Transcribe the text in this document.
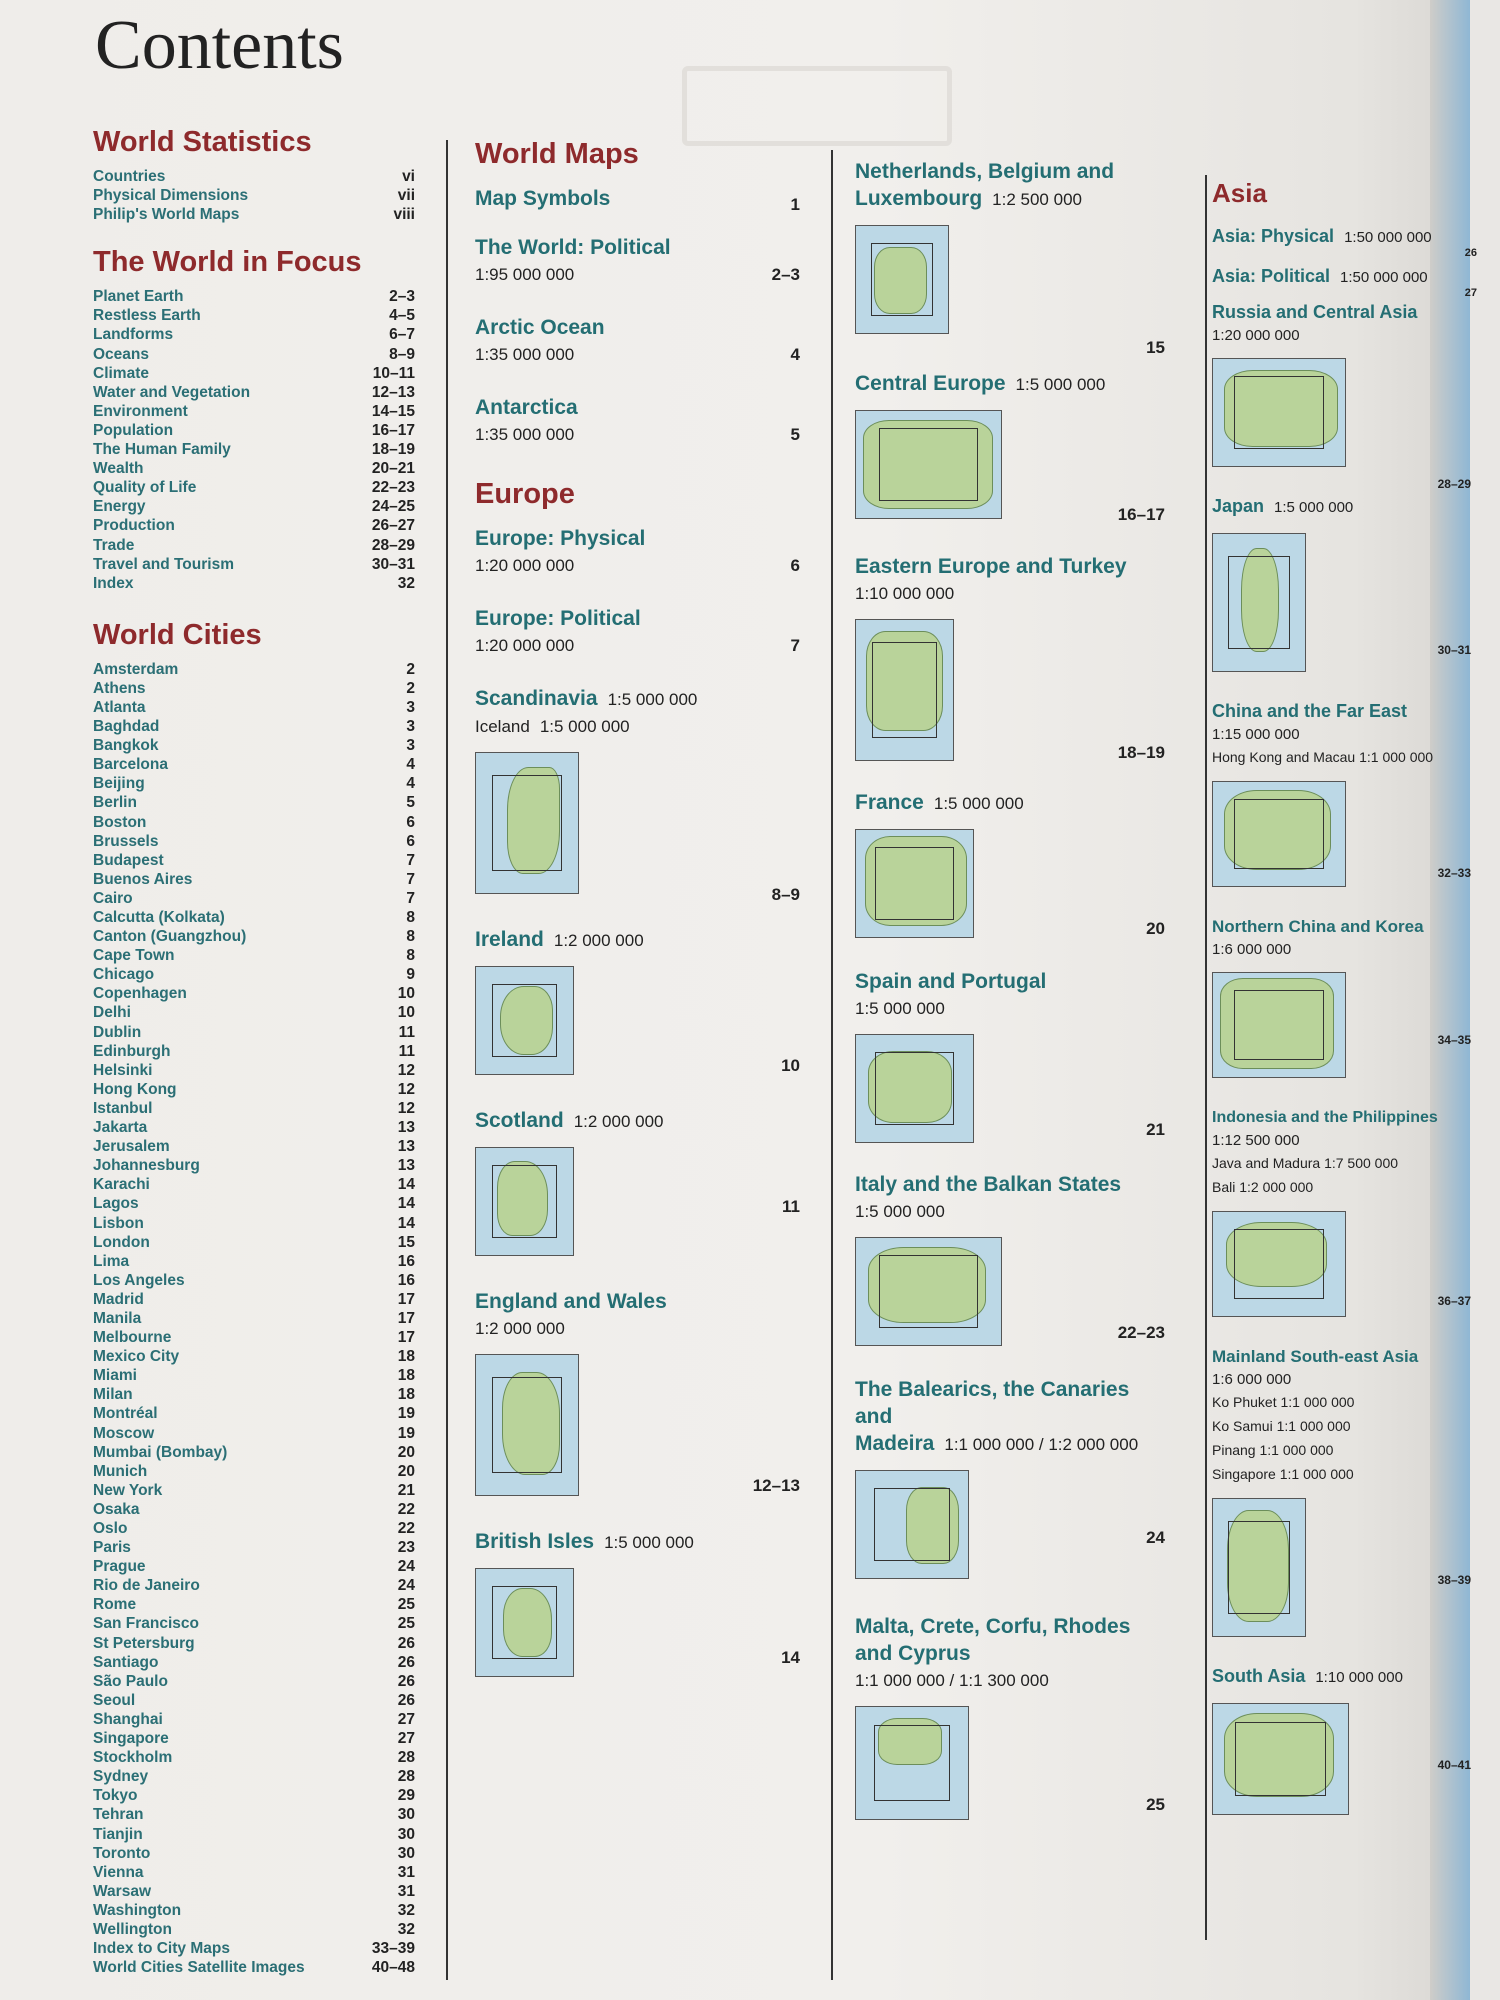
Contents
World Statistics
Countries	vi
Physical Dimensions	vii
Philip's World Maps	viii
The World in Focus
Planet Earth	2–3
Restless Earth	4–5
Landforms	6–7
Oceans	8–9
Climate	10–11
Water and Vegetation	12–13
Environment	14–15
Population	16–17
The Human Family	18–19
Wealth	20–21
Quality of Life	22–23
Energy	24–25
Production	26–27
Trade	28–29
Travel and Tourism	30–31
Index	32
World Cities
Amsterdam	2
Athens	2
Atlanta	3
Baghdad	3
Bangkok	3
Barcelona	4
Beijing	4
Berlin	5
Boston	6
Brussels	6
Budapest	7
Buenos Aires	7
Cairo	7
Calcutta (Kolkata)	8
Canton (Guangzhou)	8
Cape Town	8
Chicago	9
Copenhagen	10
Delhi	10
Dublin	11
Edinburgh	11
Helsinki	12
Hong Kong	12
Istanbul	12
Jakarta	13
Jerusalem	13
Johannesburg	13
Karachi	14
Lagos	14
Lisbon	14
London	15
Lima	16
Los Angeles	16
Madrid	17
Manila	17
Melbourne	17
Mexico City	18
Miami	18
Milan	18
Montréal	19
Moscow	19
Mumbai (Bombay)	20
Munich	20
New York	21
Osaka	22
Oslo	22
Paris	23
Prague	24
Rio de Janeiro	24
Rome	25
San Francisco	25
St Petersburg	26
Santiago	26
São Paulo	26
Seoul	26
Shanghai	27
Singapore	27
Stockholm	28
Sydney	28
Tokyo	29
Tehran	30
Tianjin	30
Toronto	30
Vienna	31
Warsaw	31
Washington	32
Wellington	32
Index to City Maps	33–39
World Cities Satellite Images	40–48
World Maps
Map Symbols	1
The World: Political
1:95 000 000	2–3
Arctic Ocean
1:35 000 000	4
Antarctica
1:35 000 000	5
Europe
Europe: Physical
1:20 000 000	6
Europe: Political
1:20 000 000	7
Scandinavia 1:5 000 000
Iceland 1:5 000 000
8–9
Ireland 1:2 000 000
10
Scotland 1:2 000 000
11
England and Wales
1:2 000 000
12–13
British Isles 1:5 000 000
14
Netherlands, Belgium and
Luxembourg 1:2 500 000
15
Central Europe 1:5 000 000
16–17
Eastern Europe and Turkey
1:10 000 000
18–19
France 1:5 000 000
20
Spain and Portugal
1:5 000 000
21
Italy and the Balkan States
1:5 000 000
22–23
The Balearics, the Canaries and
Madeira 1:1 000 000 / 1:2 000 000
24
Malta, Crete, Corfu, Rhodes
and Cyprus
1:1 000 000 / 1:1 300 000
25
Asia
Asia: Physical 1:50 000 000
26
Asia: Political 1:50 000 000
27
Russia and Central Asia
1:20 000 000
28–29
Japan 1:5 000 000
30–31
China and the Far East
1:15 000 000
Hong Kong and Macau 1:1 000 000
32–33
Northern China and Korea
1:6 000 000
34–35
Indonesia and the Philippines
1:12 500 000
Java and Madura 1:7 500 000
Bali 1:2 000 000
36–37
Mainland South-east Asia
1:6 000 000
Ko Phuket 1:1 000 000
Ko Samui 1:1 000 000
Pinang 1:1 000 000
Singapore 1:1 000 000
38–39
South Asia 1:10 000 000
40–41
